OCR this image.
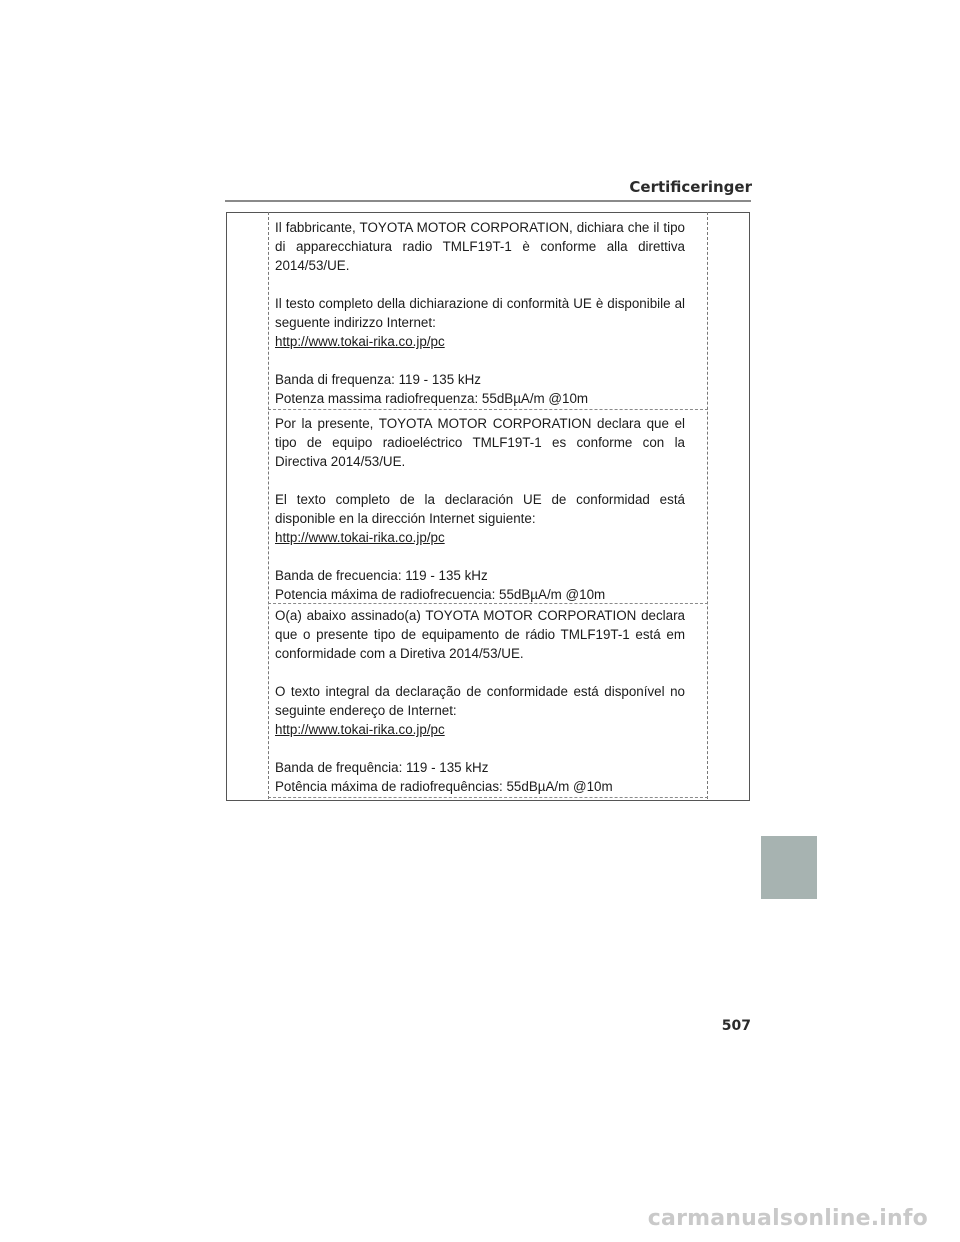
Certificeringer

Il fabbricante, TOYOTA MOTOR CORPORATION, dichiara che il tipo di apparecchiatura radio TMLF19T-1 è conforme alla direttiva 2014/53/UE.

Il testo completo della dichiarazione di conformità UE è disponibile al seguente indirizzo Internet:

http://www.tokai-rika.co.jp/pc

Banda di frequenza: 119 - 135 kHz

Potenza massima radiofrequenza: 55dBµA/m @10m

Por la presente, TOYOTA MOTOR CORPORATION declara que el tipo de equipo radioeléctrico TMLF19T-1 es conforme con la Directiva 2014/53/UE.

El texto completo de la declaración UE de conformidad está disponible en la dirección Internet siguiente:

http://www.tokai-rika.co.jp/pc

Banda de frecuencia: 119 - 135 kHz

Potencia máxima de radiofrecuencia: 55dBµA/m @10m

O(a) abaixo assinado(a) TOYOTA MOTOR CORPORATION declara que o presente tipo de equipamento de rádio TMLF19T-1 está em conformidade com a Diretiva 2014/53/UE.

O texto integral da declaração de conformidade está disponível no seguinte endereço de Internet:

http://www.tokai-rika.co.jp/pc

Banda de frequência: 119 - 135 kHz

Potência máxima de radiofrequências: 55dBµA/m @10m

507
carmanualsonline.info
